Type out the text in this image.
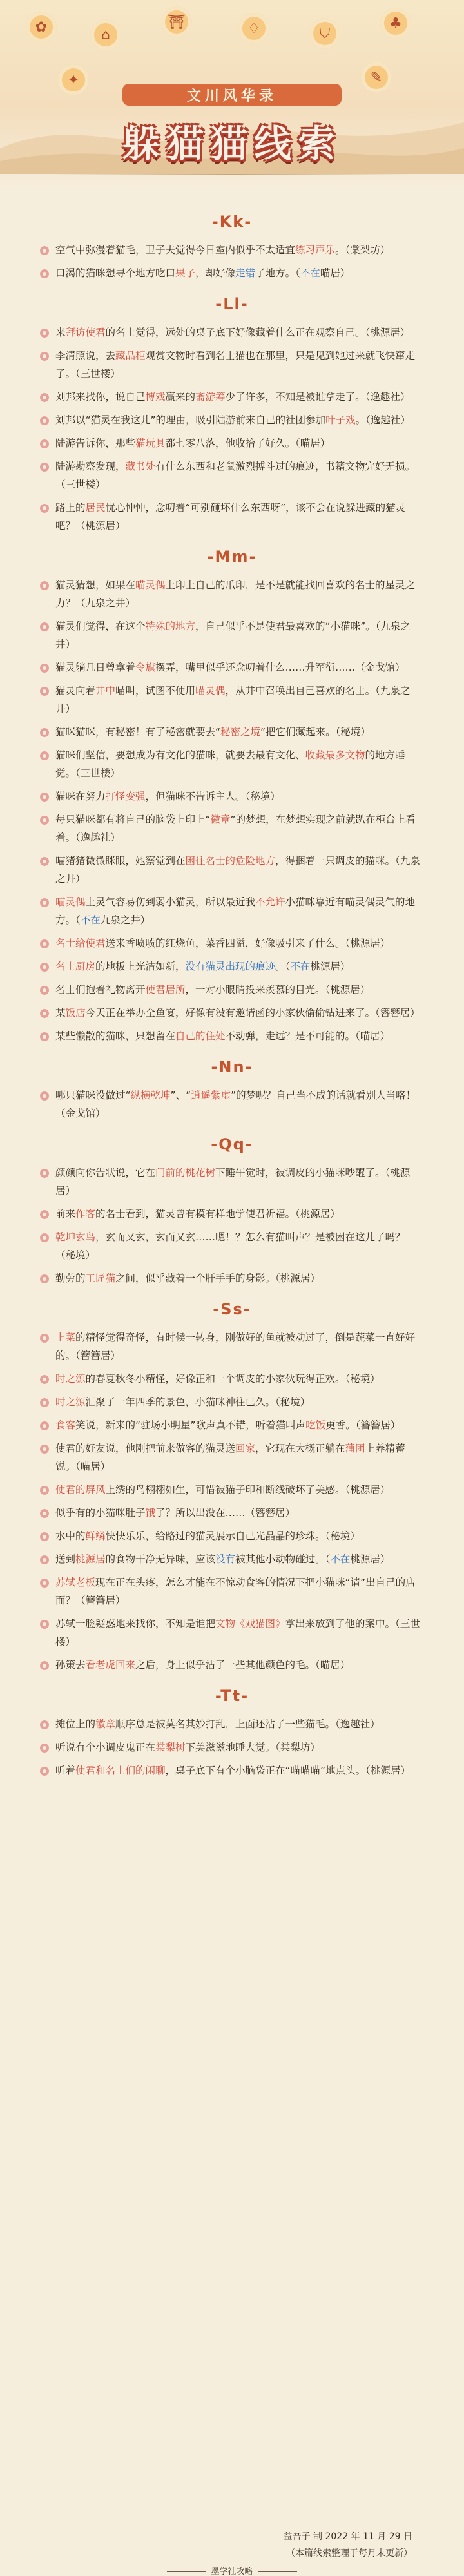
✿	⌂
⛩	♢	⛉
♣
✦	✎
文川风华录
躲猫猫线索
-Kk-
空气中弥漫着猫毛，卫子夫觉得今日室内似乎不太适宜练习声乐。（棠梨坊）
口渴的猫咪想寻个地方吃口果子，却好像走错了地方。（不在喵居）
-Ll-
来拜访使君的名士觉得，远处的桌子底下好像藏着什么正在观察自己。（桃源居）
李清照说，去藏品柜观赏文物时看到名士猫也在那里，只是见到她过来就飞快窜走了。（三世楼）
刘邦来找你，说自己博戏赢来的斋游筹少了许多，不知是被谁拿走了。（逸趣社）
刘邦以“猫灵在我这儿”的理由，吸引陆游前来自己的社团参加叶子戏。（逸趣社）
陆游告诉你，那些猫玩具都七零八落，他收拾了好久。（喵居）
陆游勘察发现，藏书处有什么东西和老鼠激烈搏斗过的痕迹，书籍文物完好无损。（三世楼）
路上的居民忧心忡忡，念叨着“可别砸坏什么东西呀”，该不会在说躲进藏的猫灵吧？（桃源居）
-Mm-
猫灵猜想，如果在喵灵偶上印上自己的爪印，是不是就能找回喜欢的名士的星灵之力？（九泉之井）
猫灵们觉得，在这个特殊的地方，自己似乎不是使君最喜欢的“小猫咪”。（九泉之井）
猫灵躺几日曾拿着令旗摆弄，嘴里似乎还念叨着什么……升军衔……（金戈馆）
猫灵向着井中喵叫，试图不使用喵灵偶，从井中召唤出自己喜欢的名士。（九泉之井）
猫咪猫咪，有秘密！有了秘密就要去“秘密之境”把它们藏起来。（秘境）
猫咪们坚信，要想成为有文化的猫咪，就要去最有文化、收藏最多文物的地方睡觉。（三世楼）
猫咪在努力打怪变强，但猫咪不告诉主人。（秘境）
每只猫咪都有将自己的脑袋上印上“徽章”的梦想，在梦想实现之前就趴在柜台上看着。（逸趣社）
喵猪猪微微眯眼，她察觉到在困住名士的危险地方，得捆着一只调皮的猫咪。（九泉之井）
喵灵偶上灵气容易伤到弱小猫灵，所以最近我不允许小猫咪靠近有喵灵偶灵气的地方。（不在九泉之井）
名士给使君送来香喷喷的红烧鱼，菜香四溢，好像吸引来了什么。（桃源居）
名士厨房的地板上光洁如新，没有猫灵出现的痕迹。（不在桃源居）
名士们抱着礼物离开使君居所，一对小眼睛投来羡慕的目光。（桃源居）
某饭店今天正在举办全鱼宴，好像有没有邀请函的小家伙偷偷钻进来了。（簪簪居）
某些懒散的猫咪，只想留在自己的住处不动弹，走远？是不可能的。（喵居）
-Nn-
哪只猫咪没做过“纵横乾坤”、“逍遥紫虚”的梦呢？自己当不成的话就看别人当咯！（金戈馆）
-Qq-
颜颜向你告状说，它在门前的桃花树下睡午觉时，被调皮的小猫咪吵醒了。（桃源居）
前来作客的名士看到，猫灵曾有模有样地学使君祈福。（桃源居）
乾坤玄鸟，玄而又玄，玄而又玄……嗯！？怎么有猫叫声？是被困在这儿了吗？（秘境）
勤劳的工匠猫之间，似乎藏着一个肝手手的身影。（桃源居）
-Ss-
上菜的精怪觉得奇怪，有时候一转身，刚做好的鱼就被动过了，倒是蔬菜一直好好的。（簪簪居）
时之源的春夏秋冬小精怪，好像正和一个调皮的小家伙玩得正欢。（秘境）
时之源汇聚了一年四季的景色，小猫咪神往已久。（秘境）
食客笑说，新来的“驻场小明星”歌声真不错，听着猫叫声吃饭更香。（簪簪居）
使君的好友说，他刚把前来做客的猫灵送回家，它现在大概正躺在蒲团上养精蓄锐。（喵居）
使君的屏风上绣的鸟栩栩如生，可惜被猫子印和断线破坏了美感。（桃源居）
似乎有的小猫咪肚子饿了？所以出没在……（簪簪居）
水中的鲜鳞快快乐乐，给路过的猫灵展示自己光晶晶的珍珠。（秘境）
送到桃源居的食物干净无异味，应该没有被其他小动物碰过。（不在桃源居）
苏轼老板现在正在头疼，怎么才能在不惊动食客的情况下把小猫咪“请”出自己的店面？（簪簪居）
苏轼一脸疑惑地来找你，不知是谁把文物《戏猫图》拿出来放到了他的案中。（三世楼）
孙策去看老虎回来之后，身上似乎沾了一些其他颜色的毛。（喵居）
-Tt-
摊位上的徽章顺序总是被莫名其妙打乱，上面还沾了一些猫毛。（逸趣社）
听说有个小调皮鬼正在棠梨树下美滋滋地睡大觉。（棠梨坊）
听着使君和名士们的闲聊，桌子底下有个小脑袋正在“喵喵喵”地点头。（桃源居）
益吾子 制 2022 年 11 月 29 日
（本篇线索整理于每月末更新）
墨学社攻略
